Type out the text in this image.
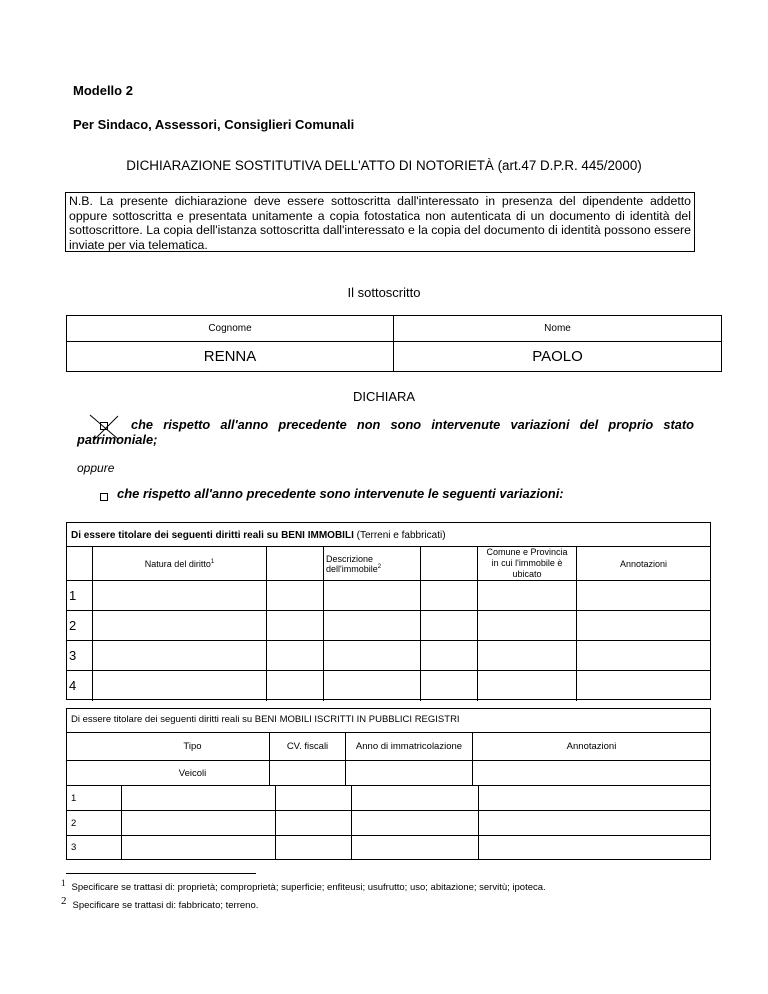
Modello 2
Per Sindaco, Assessori, Consiglieri Comunali
DICHIARAZIONE SOSTITUTIVA DELL'ATTO DI NOTORIETÀ (art.47 D.P.R. 445/2000)
N.B. La presente dichiarazione deve essere sottoscritta dall'interessato in presenza del dipendente addetto oppure sottoscritta e presentata unitamente a copia fotostatica non autenticata di un documento di identità del sottoscrittore. La copia dell'istanza sottoscritta dall'interessato e la copia del documento di identità possono essere inviate per via telematica.
Il sottoscritto
Cognome	Nome
RENNA	PAOLO
DICHIARA
che rispetto all'anno precedente non sono intervenute variazioni del proprio stato
patrimoniale;
oppure
che rispetto all'anno precedente sono intervenute le seguenti variazioni:
Di essere titolare dei seguenti diritti reali su BENI IMMOBILI (Terreni e fabbricati)
	Natura del diritto$^1$		Descrizione dell'immobile$^2$		Comune e Provincia
in cui l'immobile è ubicato	Annotazioni
1						
2						
3						
4						
Di essere titolare dei seguenti diritti reali su BENI MOBILI ISCRITTI IN PUBBLICI REGISTRI
	Tipo	CV. fiscali	Anno di immatricolazione	Annotazioni
	Veicoli			
1				
2				
3				
1 Specificare se trattasi di: proprietà; comproprietà; superficie; enfiteusi; usufrutto; uso; abitazione; servitù; ipoteca.
2 Specificare se trattasi di: fabbricato; terreno.
